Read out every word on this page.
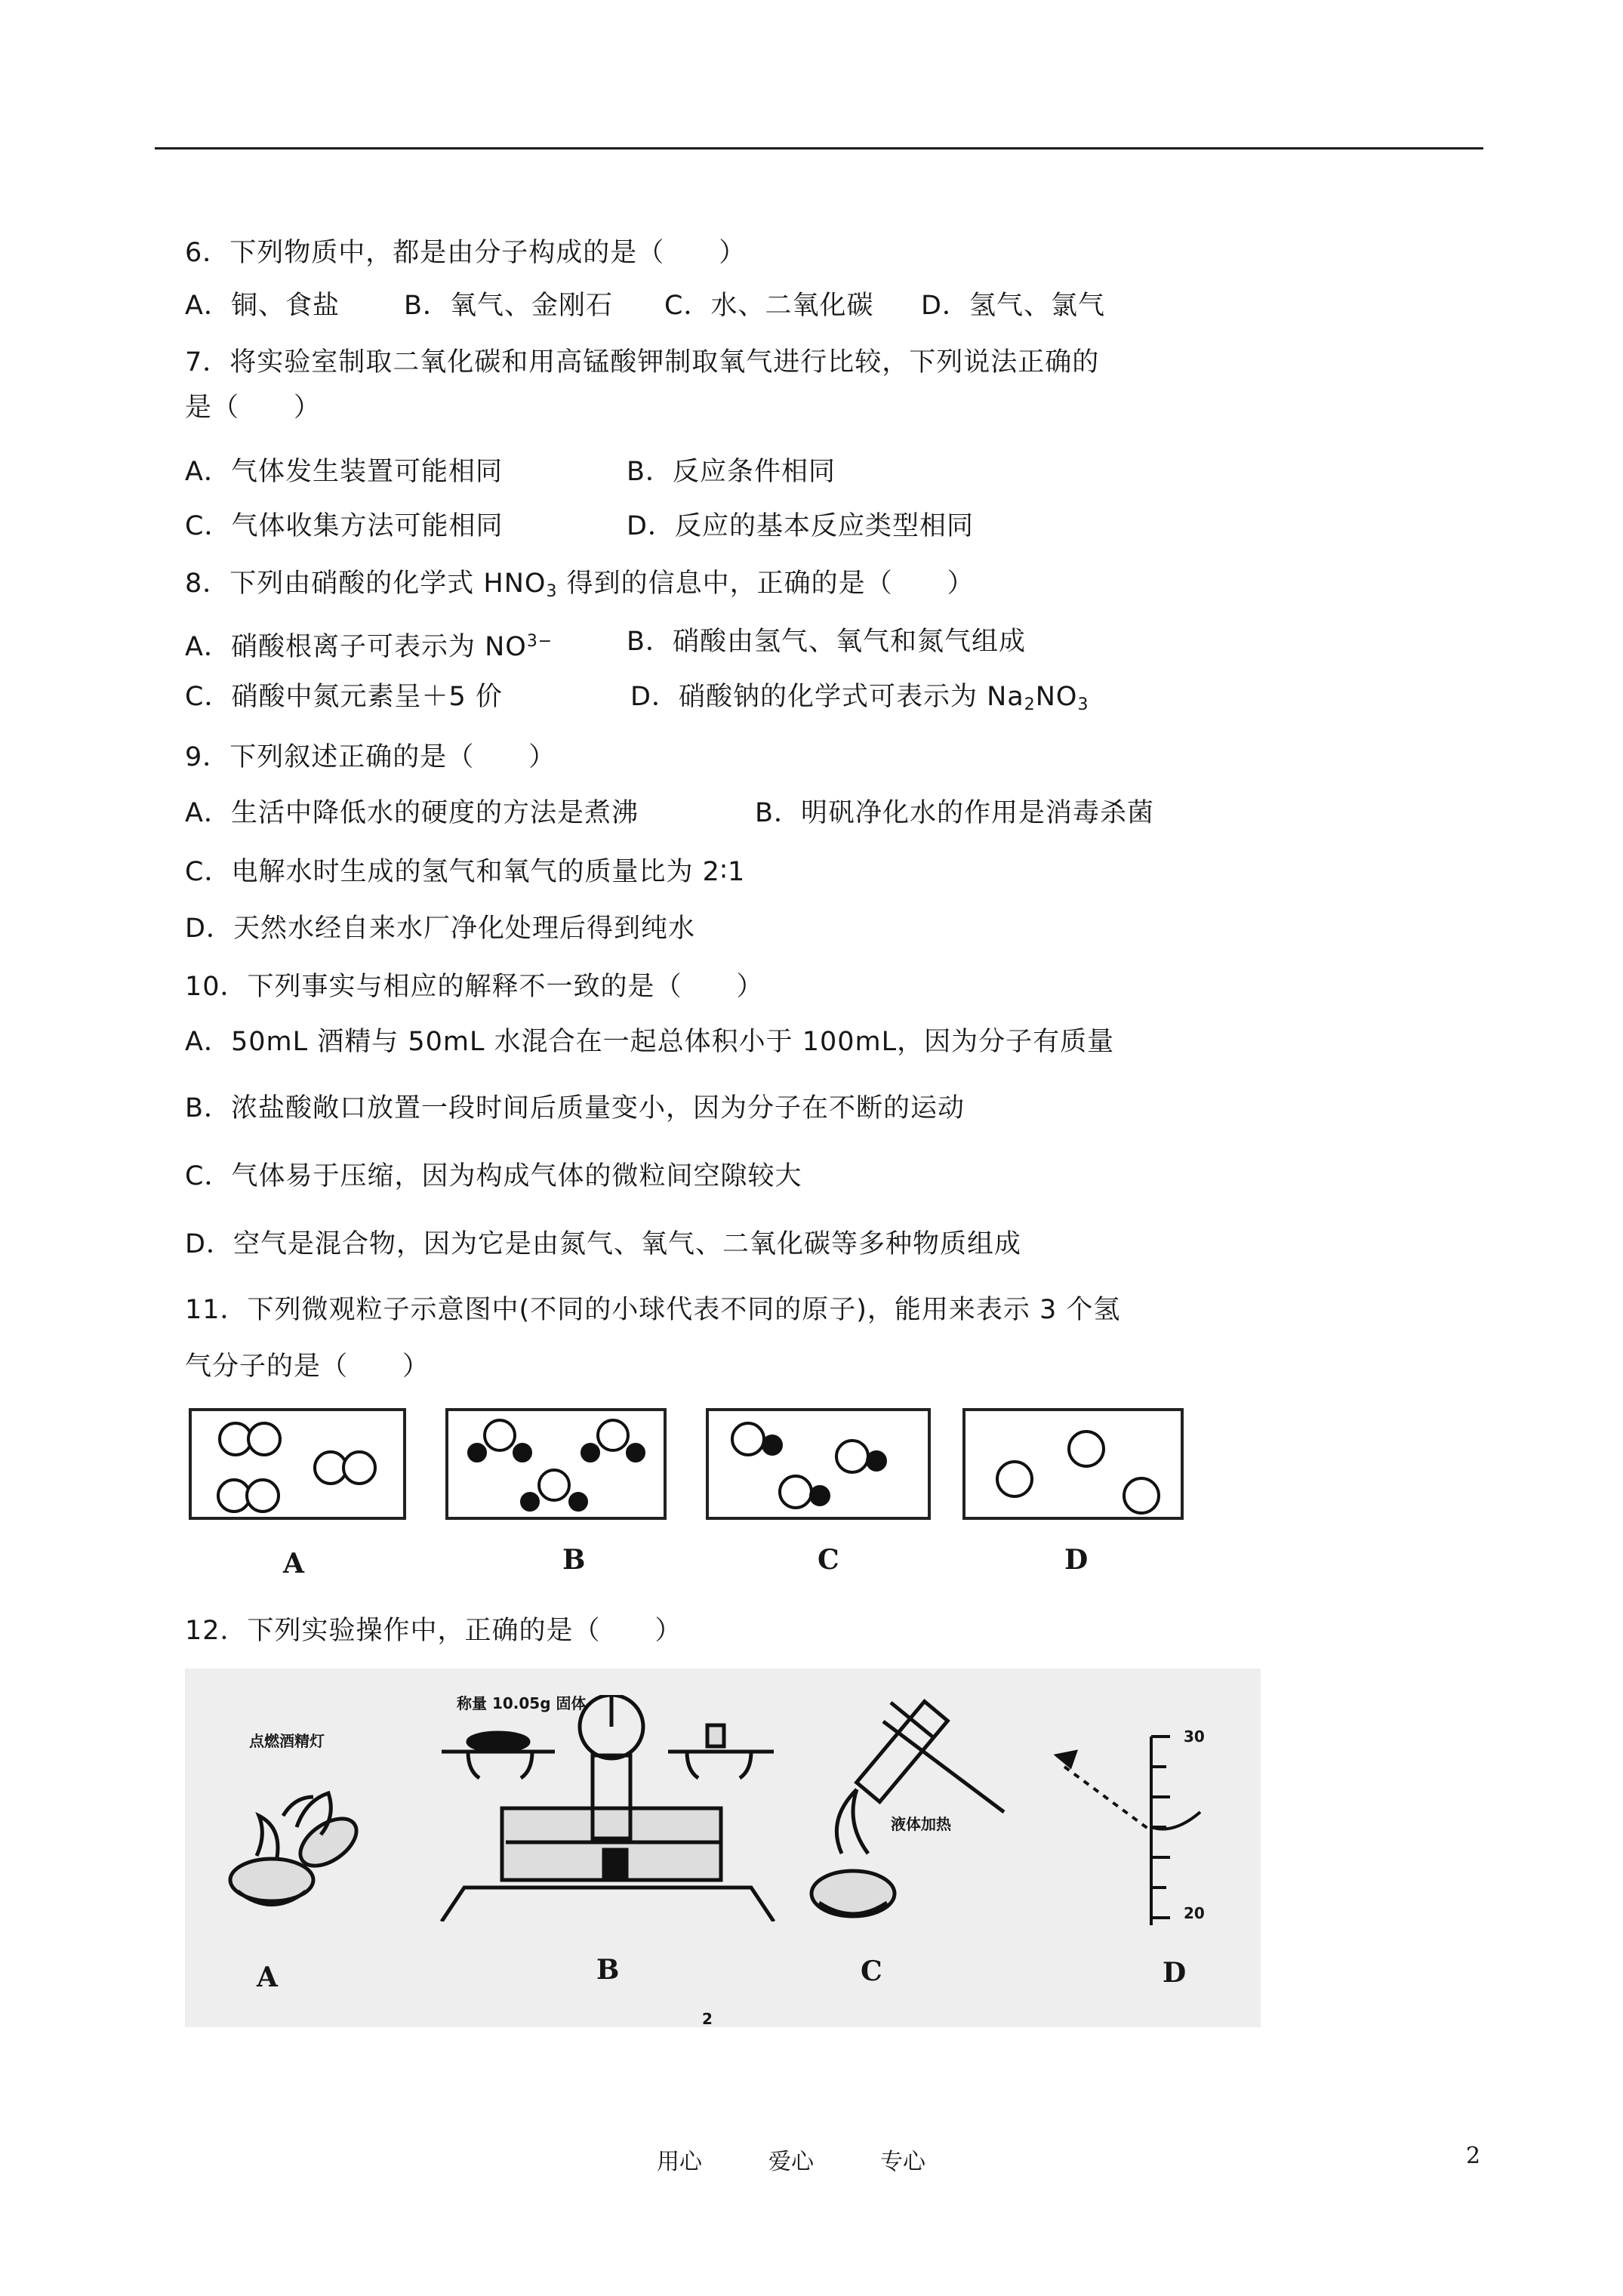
6．下列物质中，都是由分子构成的是（　　）
A．铜、食盐 B．氧气、金刚石 C．水、二氧化碳 D．氢气、氯气
7．将实验室制取二氧化碳和用高锰酸钾制取氧气进行比较，下列说法正确的
是（　　）
A．气体发生装置可能相同	B．反应条件相同
C．气体收集方法可能相同	D．反应的基本反应类型相同
8．下列由硝酸的化学式 $HNO_3$ 得到的信息中，正确的是（　　）
A．硝酸根离子可表示为 $NO^{3-}$	B．硝酸由氢气、氧气和氮气组成
C．硝酸中氮元素呈＋5 价	D．硝酸钠的化学式可表示为 $Na_2NO_3$
9．下列叙述正确的是（　　）
A．生活中降低水的硬度的方法是煮沸	B．明矾净化水的作用是消毒杀菌
C．电解水时生成的氢气和氧气的质量比为 2∶1
D．天然水经自来水厂净化处理后得到纯水
10．下列事实与相应的解释不一致的是（　　）
A．50mL 酒精与 50mL 水混合在一起总体积小于 100mL，因为分子有质量
B．浓盐酸敞口放置一段时间后质量变小，因为分子在不断的运动
C．气体易于压缩，因为构成气体的微粒间空隙较大
D．空气是混合物，因为它是由氮气、氧气、二氧化碳等多种物质组成
11．下列微观粒子示意图中(不同的小球代表不同的原子)，能用来表示 3 个氢
气分子的是（　　）
A	B	C	D
12．下列实验操作中，正确的是（　　）
点燃酒精灯
A
称量 10.05g 固体
B
液体加热
C
30
20
D
2
用心	爱心	专心	2
